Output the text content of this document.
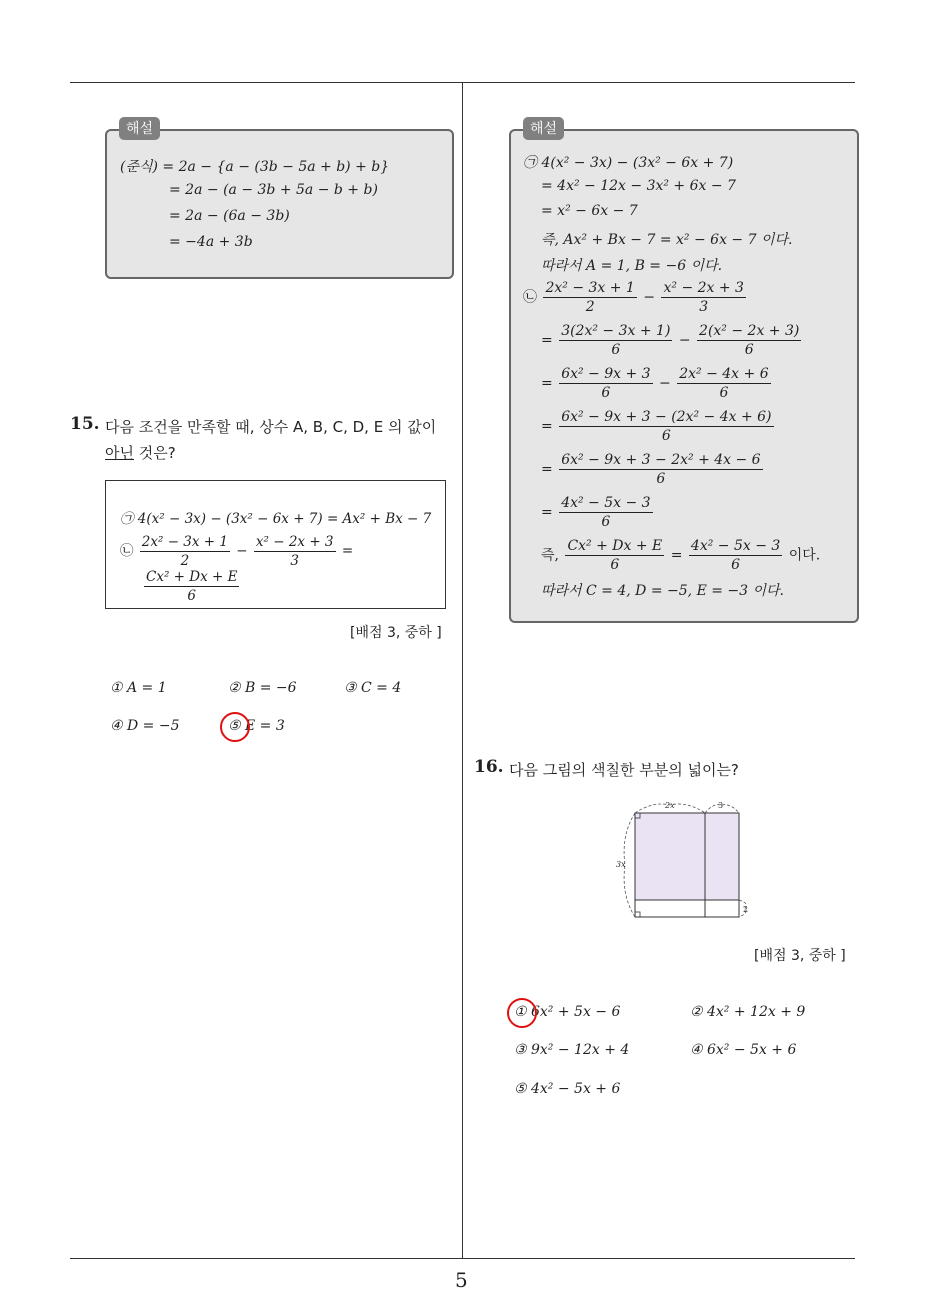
5
해설
(준식) = 2a − {a − (3b − 5a + b) + b}
= 2a − (a − 3b + 5a − b + b)
= 2a − (6a − 3b)
= −4a + 3b
15. 다음 조건을 만족할 때, 상수 A, B, C, D, E 의 값이
아닌 것은?
㉠ 4(x² − 3x) − (3x² − 6x + 7) = Ax² + Bx − 7
㉡ $\frac{\text{2x² − 3x + 1}}{2} - \frac{\text{x² − 2x + 3}}{3}$ =
$\frac{\text{Cx² + Dx + E}}{6}$
[배점 3, 중하 ]
① A = 1	② B = −6	③ C = 4
④ D = −5	⑤ E = 3
해설
㉠ 4(x² − 3x) − (3x² − 6x + 7)
= 4x² − 12x − 3x² + 6x − 7
= x² − 6x − 7
즉, Ax² + Bx − 7 = x² − 6x − 7 이다.
따라서 A = 1, B = −6 이다.
㉡ $\frac{\text{2x² − 3x + 1}}{2} - \frac{\text{x² − 2x + 3}}{3}$
= $\frac{\text{3(2x² − 3x + 1)}}{6} - \frac{\text{2(x² − 2x + 3)}}{6}$
= $\frac{\text{6x² − 9x + 3}}{6} - \frac{\text{2x² − 4x + 6}}{6}$
= $\frac{\text{6x² − 9x + 3 − (2x² − 4x + 6)}}{6}$
= $\frac{\text{6x² − 9x + 3 − 2x² + 4x − 6}}{6}$
= $\frac{\text{4x² − 5x − 3}}{6}$
즉, $\frac{\text{Cx² + Dx + E}}{6} = \frac{\text{4x² − 5x − 3}}{6}$ 이다.
따라서 C = 4, D = −5, E = −3 이다.
16. 다음 그림의 색칠한 부분의 넓이는?
2x	3
3x
2
[배점 3, 중하 ]
① 6x² + 5x − 6	② 4x² + 12x + 9
③ 9x² − 12x + 4	④ 6x² − 5x + 6
⑤ 4x² − 5x + 6
